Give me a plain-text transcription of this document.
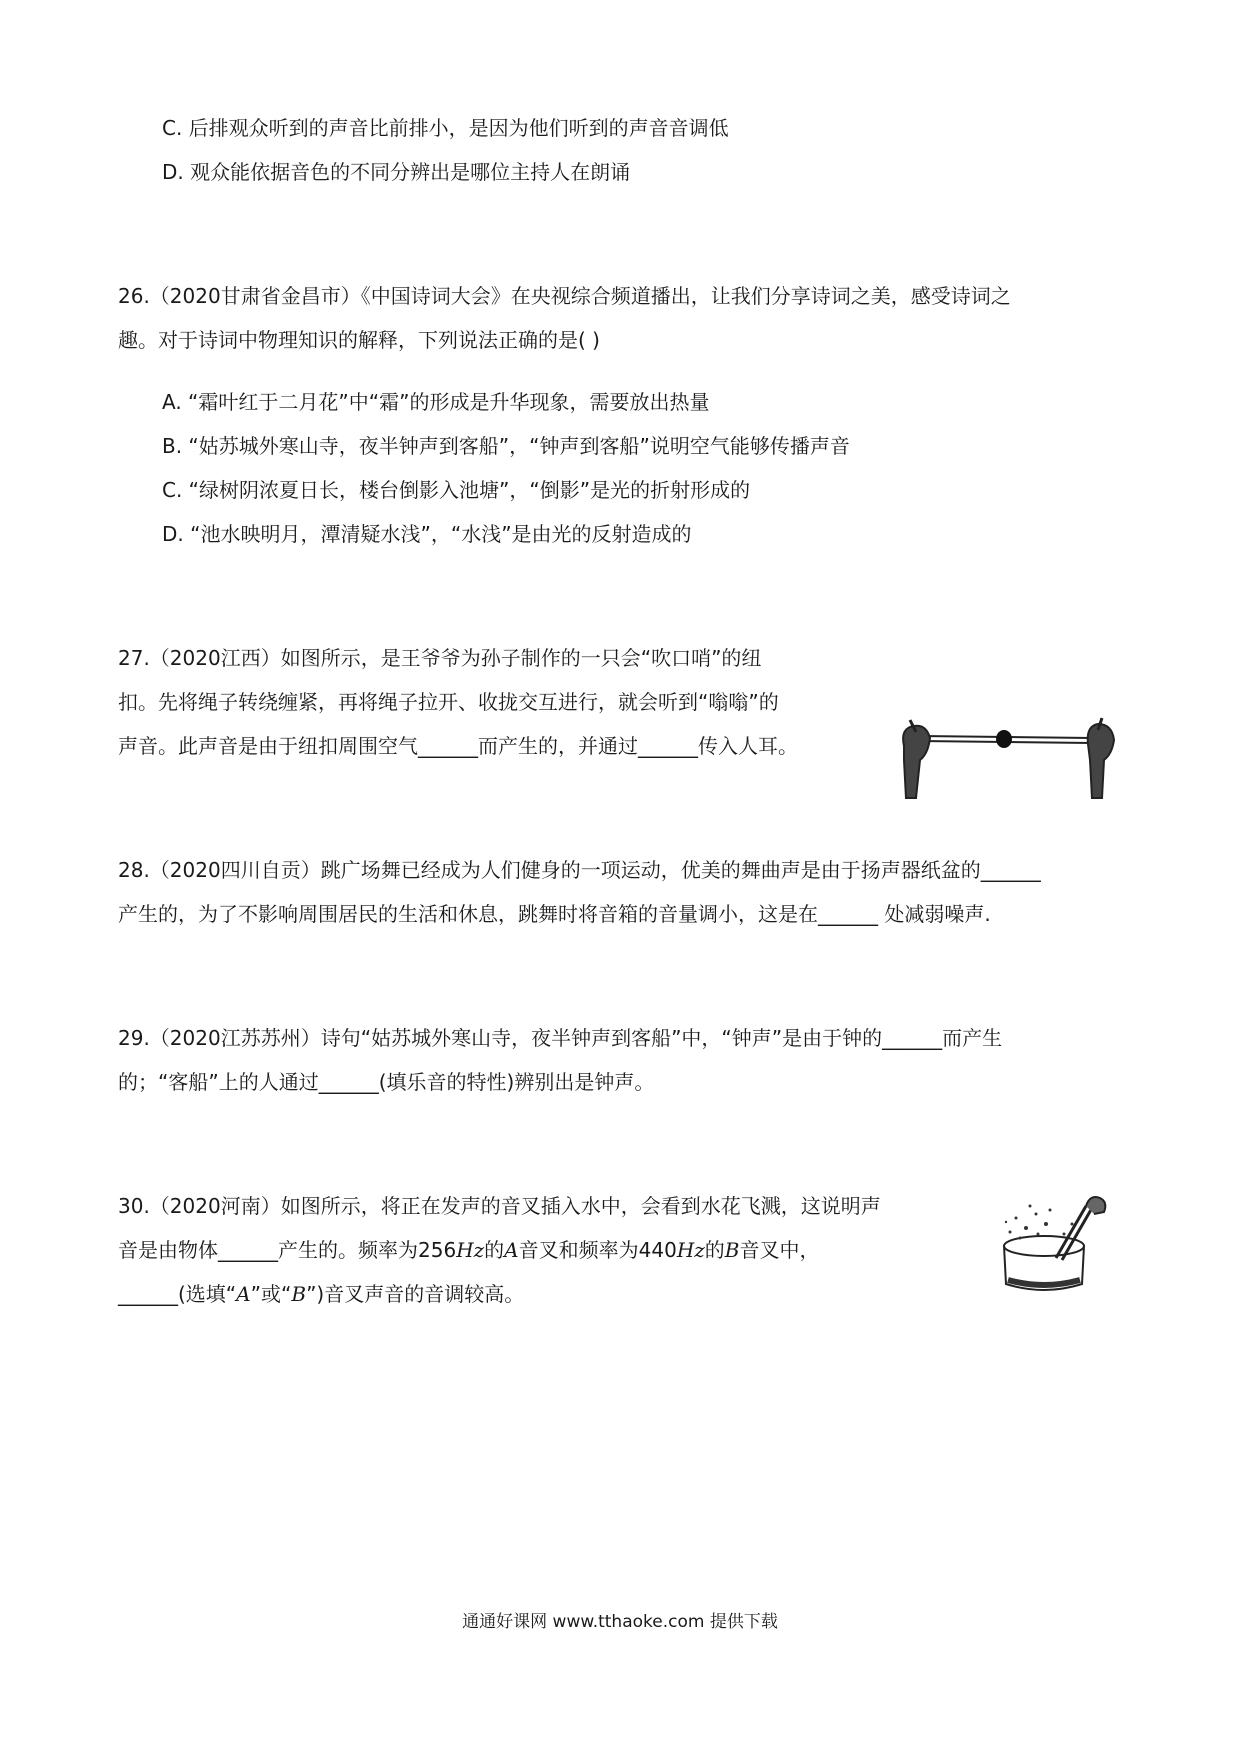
C. 后排观众听到的声音比前排小，是因为他们听到的声音音调低
D. 观众能依据音色的不同分辨出是哪位主持人在朗诵
26.（2020甘肃省金昌市）《中国诗词大会》在央视综合频道播出，让我们分享诗词之美，感受诗词之
趣。对于诗词中物理知识的解释，下列说法正确的是( )
A. “霜叶红于二月花”中“霜”的形成是升华现象，需要放出热量
B. “姑苏城外寒山寺，夜半钟声到客船”，“钟声到客船”说明空气能够传播声音
C. “绿树阴浓夏日长，楼台倒影入池塘”，“倒影”是光的折射形成的
D. “池水映明月，潭清疑水浅”，“水浅”是由光的反射造成的
27.（2020江西）如图所示，是王爷爷为孙子制作的一只会“吹口哨”的纽
扣。先将绳子转绕缠紧，再将绳子拉开、收拢交互进行，就会听到“嗡嗡”的
声音。此声音是由于纽扣周围空气______而产生的，并通过______传入人耳。
28.（2020四川自贡）跳广场舞已经成为人们健身的一项运动，优美的舞曲声是由于扬声器纸盆的______
产生的，为了不影响周围居民的生活和休息，跳舞时将音箱的音量调小，这是在______ 处减弱噪声.
29.（2020江苏苏州）诗句“姑苏城外寒山寺，夜半钟声到客船”中，“钟声”是由于钟的______而产生
的；“客船”上的人通过______(填乐音的特性)辨别出是钟声。
30.（2020河南）如图所示，将正在发声的音叉插入水中，会看到水花飞溅，这说明声
音是由物体______产生的。频率为256Hz的A音叉和频率为440Hz的B音叉中，
______(选填“A”或“B”)音叉声音的音调较高。
通通好课网 www.tthaoke.com 提供下载
